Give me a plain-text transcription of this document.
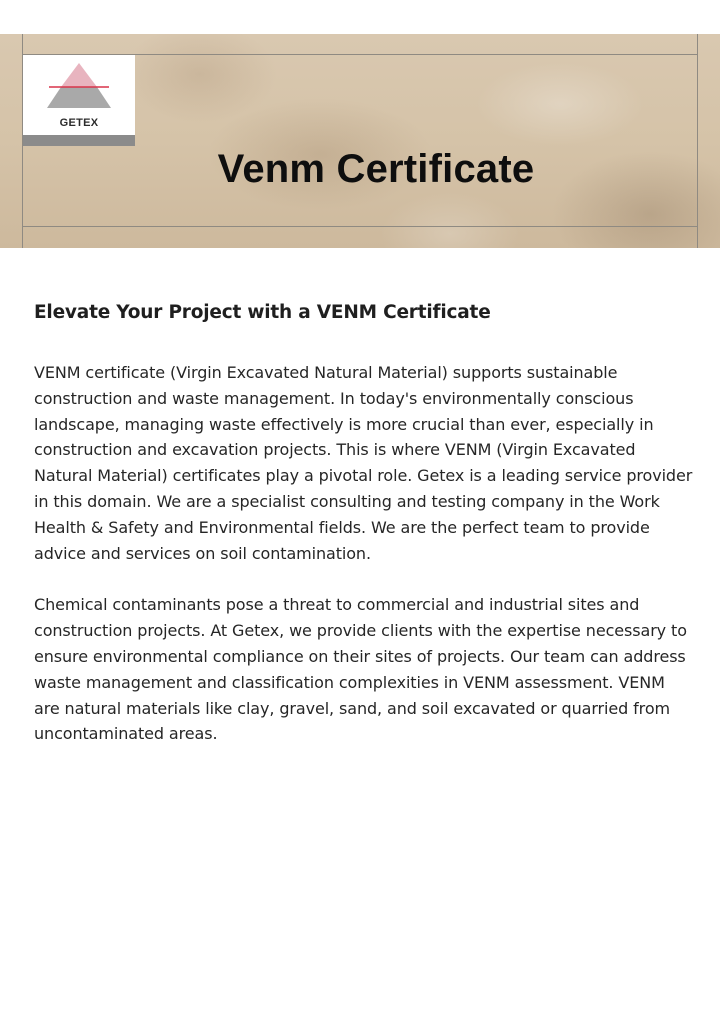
GETEX
Venm Certificate
Elevate Your Project with a VENM Certificate

VENM certificate (Virgin Excavated Natural Material) supports sustainable construction and waste management. In today's environmentally conscious landscape, managing waste effectively is more crucial than ever, especially in construction and excavation projects. This is where VENM (Virgin Excavated Natural Material) certificates play a pivotal role. Getex is a leading service provider in this domain. We are a specialist consulting and testing company in the Work Health & Safety and Environmental fields. We are the perfect team to provide advice and services on soil contamination.

Chemical contaminants pose a threat to commercial and industrial sites and construction projects. At Getex, we provide clients with the expertise necessary to ensure environmental compliance on their sites of projects. Our team can address waste management and classification complexities in VENM assessment. VENM are natural materials like clay, gravel, sand, and soil excavated or quarried from uncontaminated areas.
